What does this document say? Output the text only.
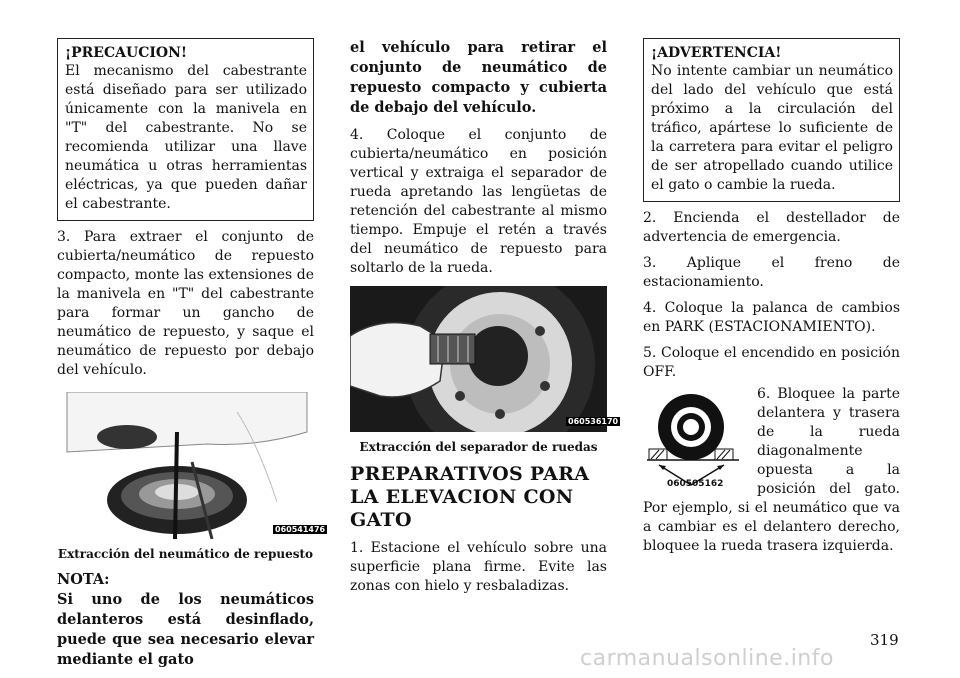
¡PRECAUCION!
El mecanismo del cabestrante está diseñado para ser utilizado únicamente con la manivela en "T" del cabestrante. No se recomienda utilizar una llave neumática u otras herramientas eléctricas, ya que pueden dañar el cabestrante.

3. Para extraer el conjunto de cubierta/neumático de repuesto compacto, monte las extensiones de la manivela en "T" del cabestrante para formar un gancho de neumático de repuesto, y saque el neumático de repuesto por debajo del vehículo.

060541476
Extracción del neumático de repuesto
NOTA:

Si uno de los neumáticos delanteros está desinflado, puede que sea necesario elevar mediante el gato

el vehículo para retirar el conjunto de neumático de repuesto compacto y cubierta de debajo del vehículo.

4. Coloque el conjunto de cubierta/neumático en posición vertical y extraiga el separador de rueda apretando las lengüetas de retención del cabestrante al mismo tiempo. Empuje el retén a través del neumático de repuesto para soltarlo de la rueda.

060536170
Extracción del separador de ruedas
PREPARATIVOS PARA LA ELEVACION CON GATO

1. Estacione el vehículo sobre una superficie plana firme. Evite las zonas con hielo y resbaladizas.

¡ADVERTENCIA!
No intente cambiar un neumático del lado del vehículo que está próximo a la circulación del tráfico, apártese lo suficiente de la carretera para evitar el peligro de ser atropellado cuando utilice el gato o cambie la rueda.

2. Encienda el destellador de advertencia de emergencia.

3. Aplique el freno de estacionamiento.

4. Coloque la palanca de cambios en PARK (ESTACIONAMIENTO).

5. Coloque el encendido en posición OFF.

060505162

6. Bloquee la parte delantera y trasera de la rueda diagonalmente opuesta a la posición del gato. Por ejemplo, si el neumático que va a cambiar es el delantero derecho, bloquee la rueda trasera izquierda.

319
carmanualsonline.info
